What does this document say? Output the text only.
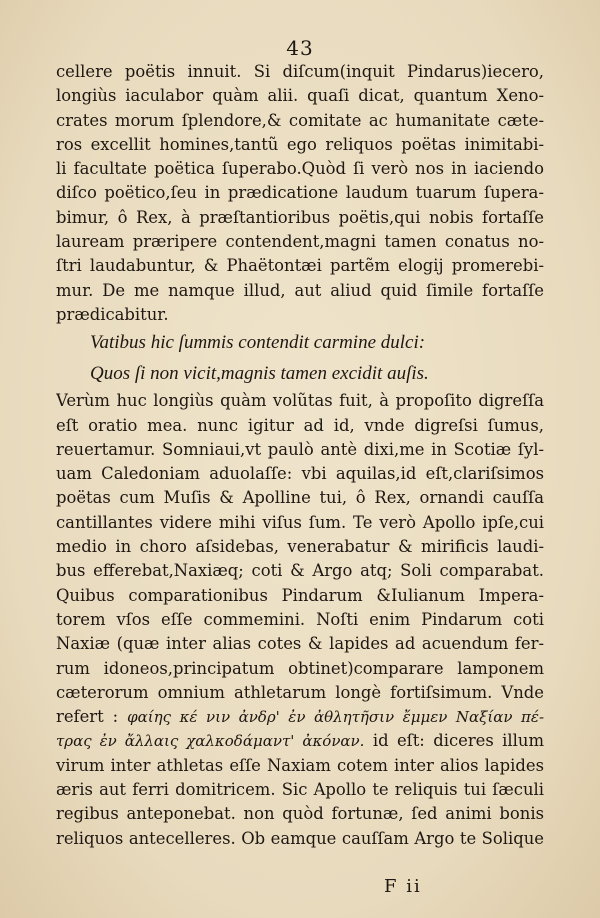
43
cellere poëtis innuit. Si diſcum(inquit Pindarus)iecero,
longiùs iaculabor quàm alii. quaſi dicat, quantum Xeno-
crates morum ſplendore,& comitate ac humanitate cæte-
ros excellit homines,tantũ ego reliquos poëtas inimitabi-
li facultate poëtica ſuperabo.Quòd ſi verò nos in iaciendo
diſco poëtico,ſeu in prædicatione laudum tuarum ſupera-
bimur, ô Rex, à præſtantioribus poëtis,qui nobis fortaſſe
lauream præripere contendent,magni tamen conatus no-
ſtri laudabuntur, & Phaëtontæi partẽm elogij promerebi-
mur. De me namque illud, aut aliud quid ſimile fortaſſe
prædicabitur.
Vatibus hic ſummis contendit carmine dulci:
Quos ſi non vicit,magnis tamen excidit auſis.
Verùm huc longiùs quàm volũtas fuit, à propoſito digreſſa
eſt oratio mea. nunc igitur ad id, vnde digreſsi ſumus,
reuertamur. Somniaui,vt paulò antè dixi,me in Scotiæ ſyl-
uam Caledoniam aduolaſſe: vbi aquilas,id eſt,clariſsimos
poëtas cum Muſis & Apolline tui, ô Rex, ornandi cauſſa
cantillantes videre mihi viſus ſum. Te verò Apollo ipſe,cui
medio in choro aſsidebas, venerabatur & mirificis laudi-
bus efferebat,Naxiæq; coti & Argo atq; Soli comparabat.
Quibus comparationibus Pindarum &Iulianum Impera-
torem vſos eſſe commemini. Noſti enim Pindarum coti
Naxiæ (quæ inter alias cotes & lapides ad acuendum fer-
rum idoneos,principatum obtinet)comparare lamponem
cæterorum omnium athletarum longè fortiſsimum. Vnde
refert : φαίης κέ νιν ἀνδρ' ἐν ἀθλητῆσιν ἔμμεν Ναξίαν πέ-
τρας ἐν ἄλλαις χαλκοδάμαντ' ἀκόναν. id eſt: diceres illum
virum inter athletas eſſe Naxiam cotem inter alios lapides
æris aut ferri domitricem. Sic Apollo te reliquis tui ſæculi
regibus anteponebat. non quòd fortunæ, ſed animi bonis
reliquos antecelleres. Ob eamque cauſſam Argo te Solique
F ii
